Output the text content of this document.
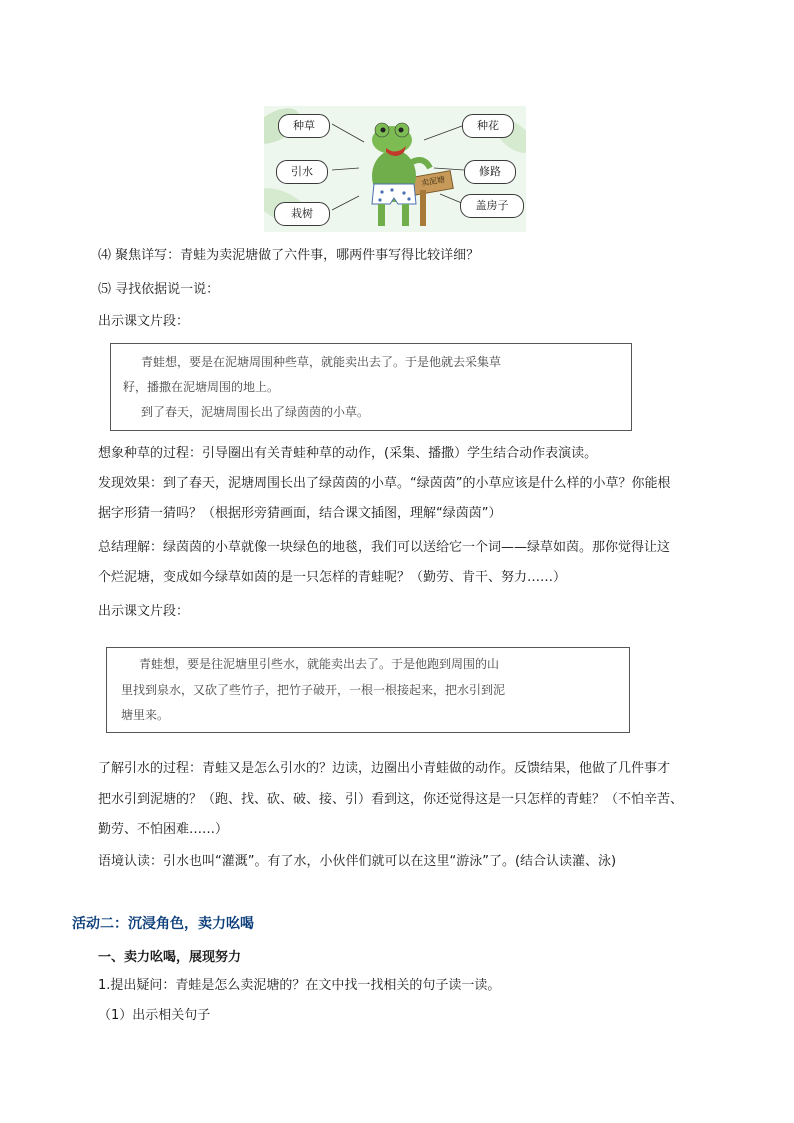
种草
引水
栽树
种花
修路
盖房子
卖泥塘
⑷ 聚焦详写：青蛙为卖泥塘做了六件事，哪两件事写得比较详细？
⑸ 寻找依据说一说：
出示课文片段：
青蛙想，要是在泥塘周围种些草，就能卖出去了。于是他就去采集草
籽，播撒在泥塘周围的地上。
到了春天，泥塘周围长出了绿茵茵的小草。
想象种草的过程：引导圈出有关青蛙种草的动作，(采集、播撒）学生结合动作表演读。
发现效果：到了春天，泥塘周围长出了绿茵茵的小草。“绿茵茵”的小草应该是什么样的小草？你能根
据字形猜一猜吗？（根据形旁猜画面，结合课文插图，理解“绿茵茵”）
总结理解：绿茵茵的小草就像一块绿色的地毯，我们可以送给它一个词——绿草如茵。那你觉得让这
个烂泥塘，变成如今绿草如茵的是一只怎样的青蛙呢？（勤劳、肯干、努力……）
出示课文片段：
青蛙想，要是往泥塘里引些水，就能卖出去了。于是他跑到周围的山
里找到泉水，又砍了些竹子，把竹子破开，一根一根接起来，把水引到泥
塘里来。
了解引水的过程：青蛙又是怎么引水的？边读，边圈出小青蛙做的动作。反馈结果，他做了几件事才
把水引到泥塘的？（跑、找、砍、破、接、引）看到这，你还觉得这是一只怎样的青蛙？（不怕辛苦、
勤劳、不怕困难……）
语境认读：引水也叫“灌溉”。有了水，小伙伴们就可以在这里“游泳”了。(结合认读灌、泳)
活动二：沉浸角色，卖力吆喝
一、卖力吆喝，展现努力
1.提出疑问：青蛙是怎么卖泥塘的？在文中找一找相关的句子读一读。
（1）出示相关句子
